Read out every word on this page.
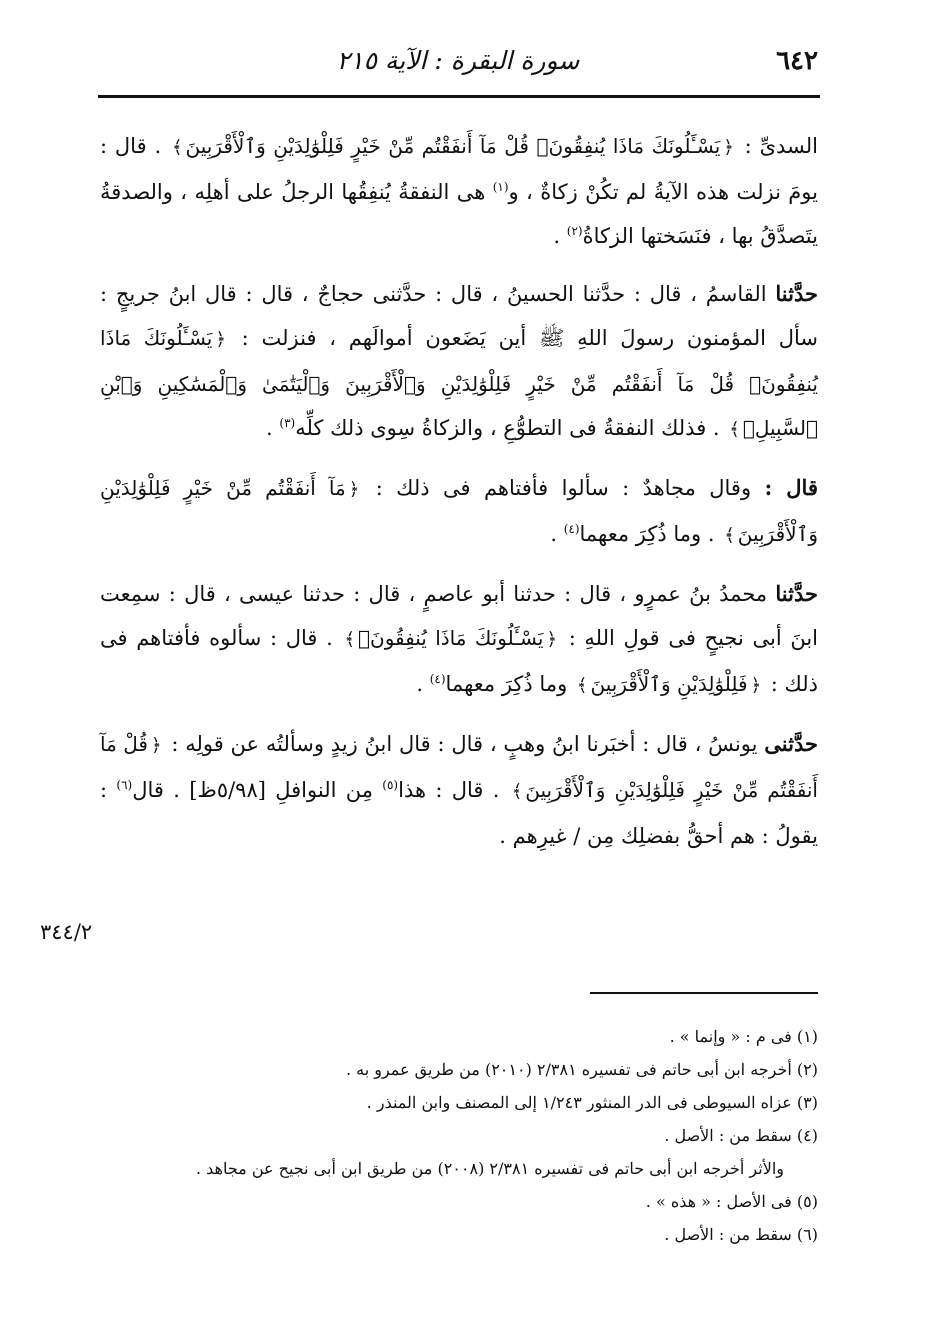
٦٤٢
سورة البقرة : الآية ٢١٥

السدىِّ : ﴿يَسْـَٔلُونَكَ مَاذَا يُنفِقُونَۖ قُلْ مَآ أَنفَقْتُم مِّنْ خَيْرٍ فَلِلْوَٰلِدَيْنِ وَٱلْأَقْرَبِينَ﴾ . قال : يومَ نزلت هذه الآيةُ لم تكُنْ زكاةٌ ، و$^{(١)}$ هى النفقةُ يُنفِقُها الرجلُ على أهلِه ، والصدقةُ يتَصدَّقُ بها ، فنَسَختها الزكاةُ$^{(٢)}$ .

حدَّثنا القاسمُ ، قال : حدَّثنا الحسينُ ، قال : حدَّثنى حجاجٌ ، قال : قال ابنُ جريجٍ : سأل المؤمنون رسولَ اللهِ ﷺ أين يَضَعون أموالَهم ، فنزلت : ﴿يَسْـَٔلُونَكَ مَاذَا يُنفِقُونَۖ قُلْ مَآ أَنفَقْتُم مِّنْ خَيْرٍ فَلِلْوَٰلِدَيْنِ وَٱلْأَقْرَبِينَ وَٱلْيَتَٰمَىٰ وَٱلْمَسَٰكِينِ وَٱبْنِ ٱلسَّبِيلِۗ﴾ . فذلك النفقةُ فى التطوُّعِ ، والزكاةُ سِوى ذلك كلِّه$^{(٣)}$ .

قال : وقال مجاهدٌ : سألوا فأفتاهم فى ذلك : ﴿مَآ أَنفَقْتُم مِّنْ خَيْرٍ فَلِلْوَٰلِدَيْنِ وَٱلْأَقْرَبِينَ﴾ . وما ذُكِرَ معهما$^{(٤)}$ .

حدَّثنا محمدُ بنُ عمرٍو ، قال : حدثنا أبو عاصمٍ ، قال : حدثنا عيسى ، قال : سمِعت ابنَ أبى نجيحٍ فى قولِ اللهِ : ﴿يَسْـَٔلُونَكَ مَاذَا يُنفِقُونَۖ﴾ . قال : سألوه فأفتاهم فى ذلك : ﴿فَلِلْوَٰلِدَيْنِ وَٱلْأَقْرَبِينَ﴾ وما ذُكِرَ معهما$^{(٤)}$ .

حدَّثنى يونسُ ، قال : أخبَرنا ابنُ وهبٍ ، قال : قال ابنُ زيدٍ وسألتُه عن قولِه : ﴿قُلْ مَآ أَنفَقْتُم مِّنْ خَيْرٍ فَلِلْوَٰلِدَيْنِ وَٱلْأَقْرَبِينَ﴾ . قال : هذا$^{(٥)}$ مِن النوافلِ [٥/٩٨ظ] . قال$^{(٦)}$ : يقولُ : هم أحقُّ بفضلِك مِن / غيرِهم .

٣٤٤/٢

(١) فى م : « وإنما » .

(٢) أخرجه ابن أبى حاتم فى تفسيره ٢/٣٨١ (٢٠١٠) من طريق عمرو به .

(٣) عزاه السيوطى فى الدر المنثور ١/٢٤٣ إلى المصنف وابن المنذر .

(٤) سقط من : الأصل .

والأثر أخرجه ابن أبى حاتم فى تفسيره ٢/٣٨١ (٢٠٠٨) من طريق ابن أبى نجيح عن مجاهد .

(٥) فى الأصل : « هذه » .

(٦) سقط من : الأصل .
